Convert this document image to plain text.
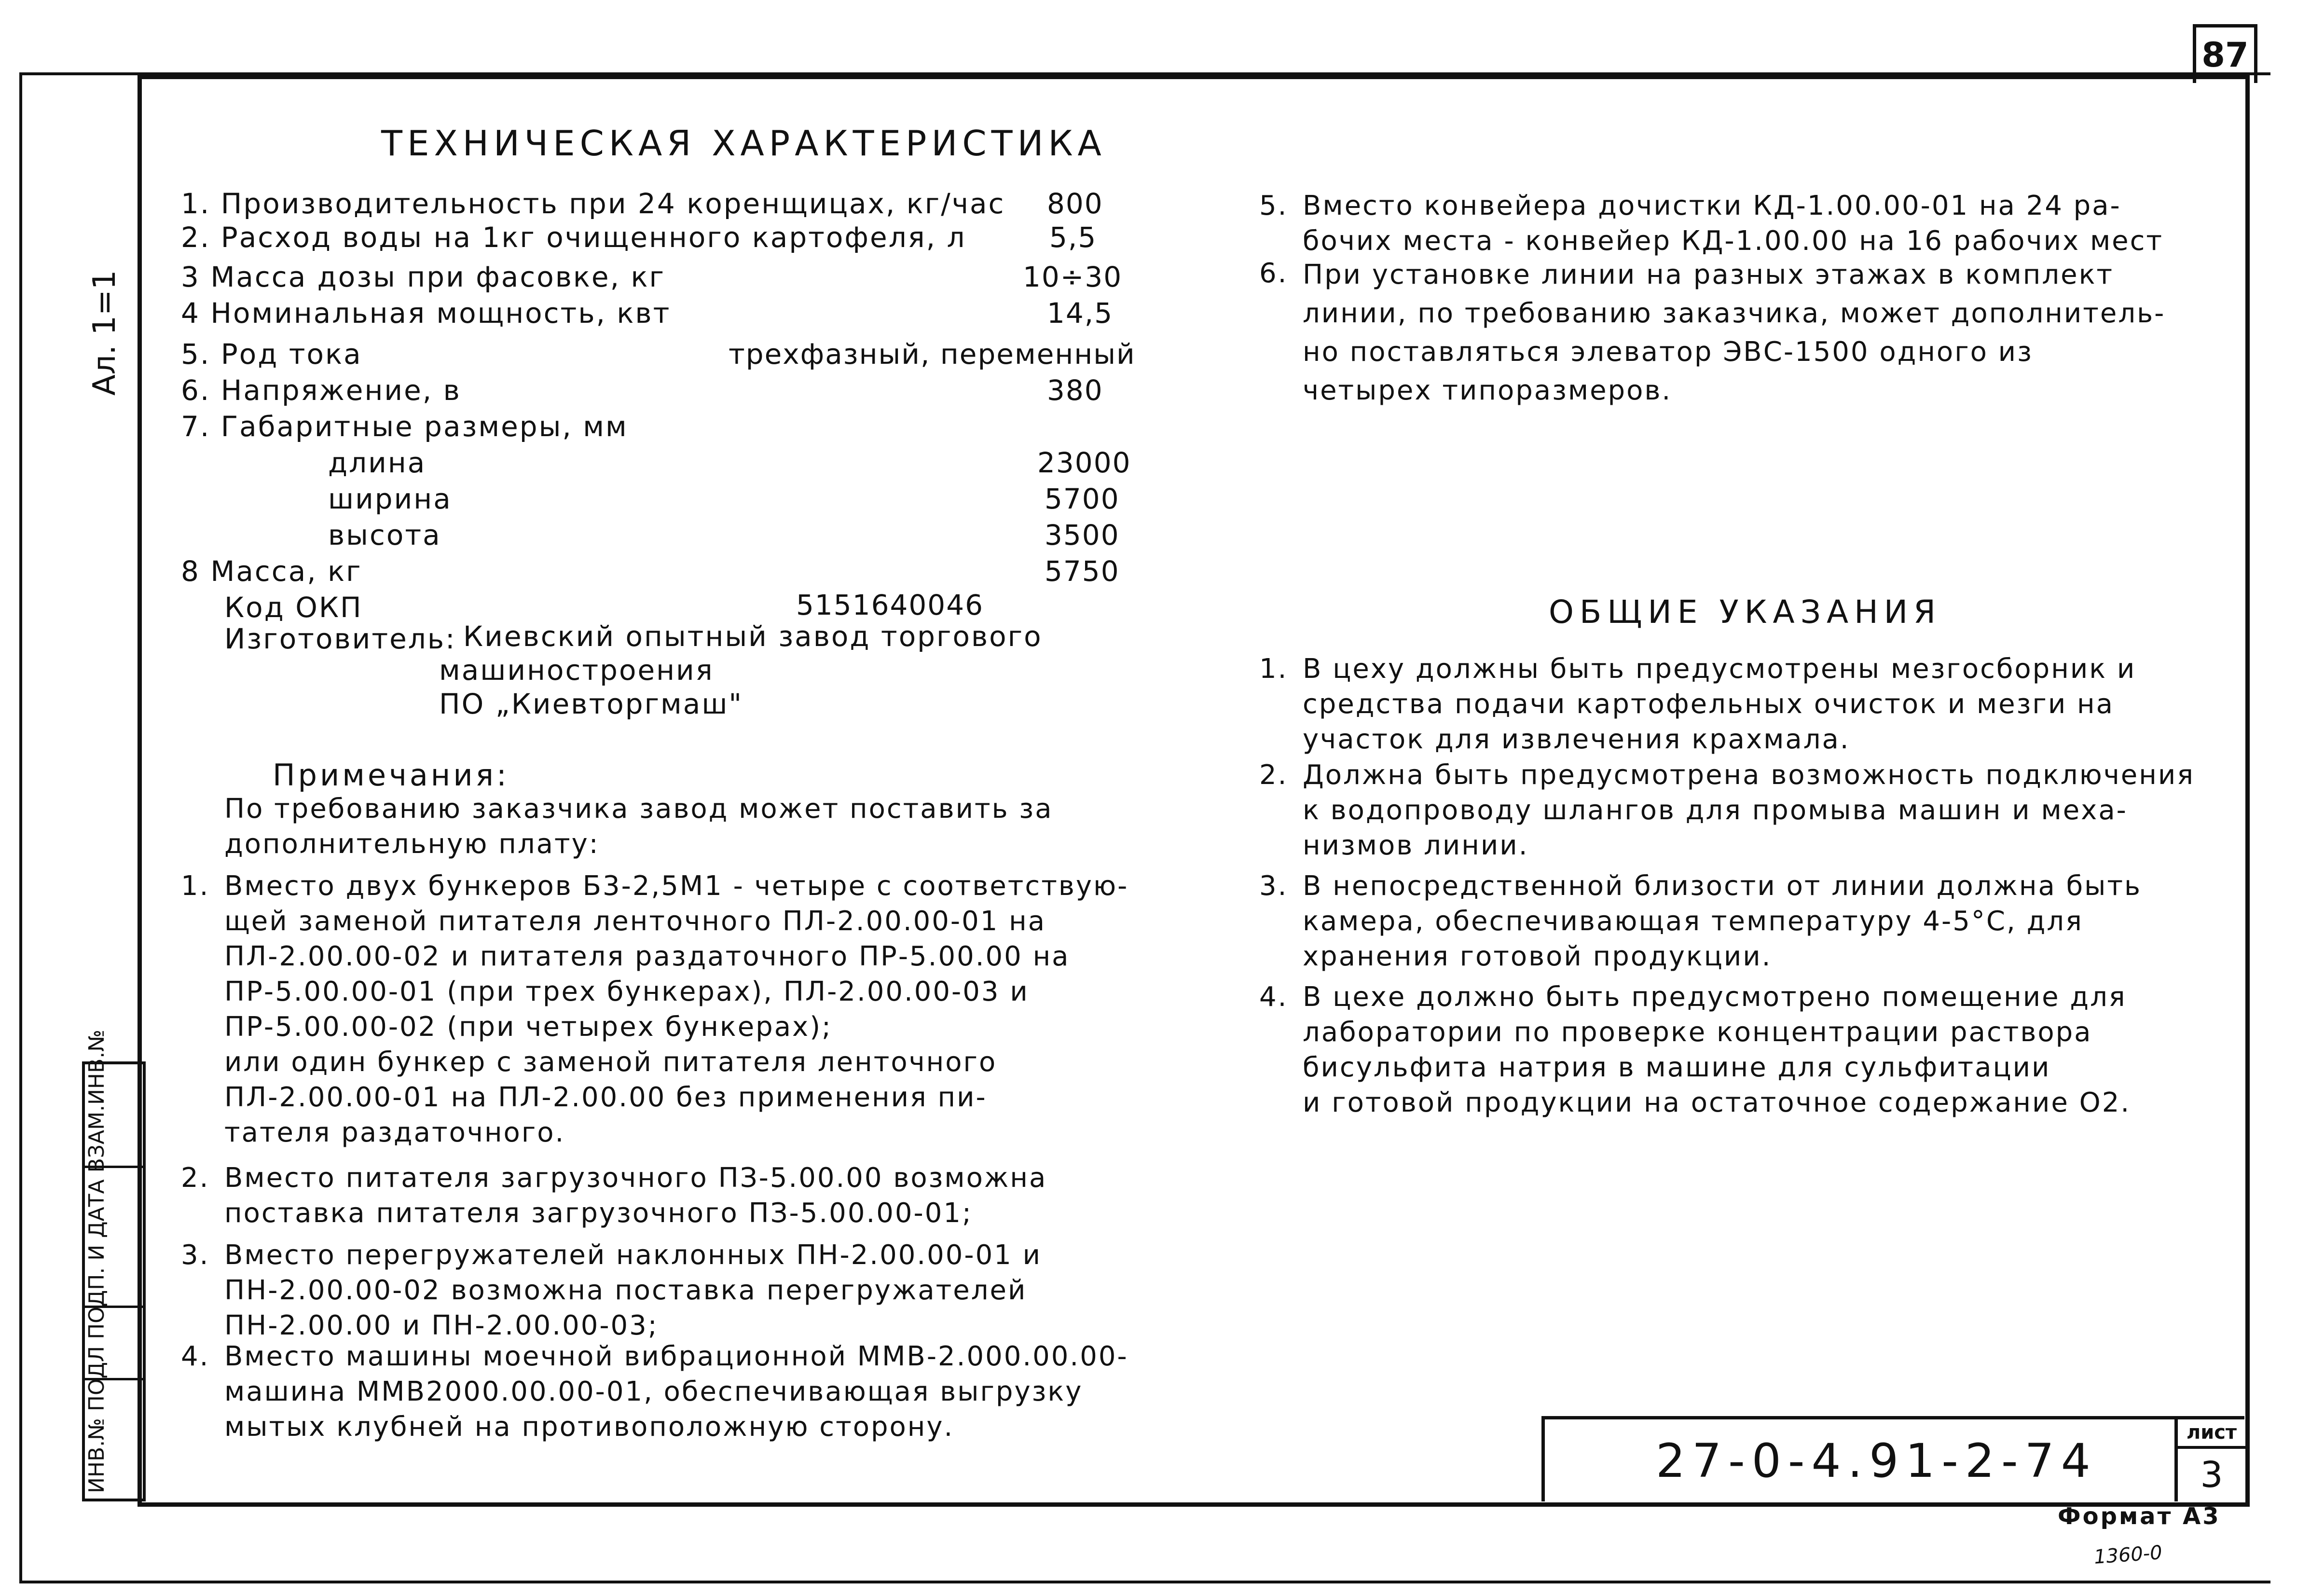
87
Ал. 1=1
ИНВ.№ ПОДЛ ПОДП. И ДАТА ВЗАМ.ИНВ.№
ТЕХНИЧЕСКАЯ ХАРАКТЕРИСТИКА
1. Производительность при 24 коренщицах, кг/час 800
2. Расход воды на 1кг очищенного картофеля, л	5,5
3 Масса дозы при фасовке, кг	10÷30
4 Номинальная мощность, квт	14,5
5. Род тока	трехфазный, переменный
6. Напряжение, в	380
7. Габаритные размеры, мм
длина	23000
ширина	5700
высота	3500
8 Масса, кг	5750
Код ОКП	5151640046
Изготовитель: Киевский опытный завод торгового
машиностроения
ПО „Киевторгмаш"
Примечания:
По требованию заказчика завод может поставить за
дополнительную плату:
1. Вместо двух бункеров Б3-2,5М1 - четыре с соответствую-
щей заменой питателя ленточного ПЛ-2.00.00-01 на
ПЛ-2.00.00-02 и питателя раздаточного ПР-5.00.00 на
ПР-5.00.00-01 (при трех бункерах), ПЛ-2.00.00-03 и
ПР-5.00.00-02 (при четырех бункерах);
или один бункер с заменой питателя ленточного
ПЛ-2.00.00-01 на ПЛ-2.00.00 без применения пи-
тателя раздаточного.
2. Вместо питателя загрузочного ПЗ-5.00.00 возможна
поставка питателя загрузочного ПЗ-5.00.00-01;
3. Вместо перегружателей наклонных ПН-2.00.00-01 и
ПН-2.00.00-02 возможна поставка перегружателей
ПН-2.00.00 и ПН-2.00.00-03;
4. Вместо машины моечной вибрационной ММВ-2.000.00.00-
машина ММВ2000.00.00-01, обеспечивающая выгрузку
мытых клубней на противоположную сторону.
5. Вместо конвейера дочистки КД-1.00.00-01 на 24 ра-
бочих места - конвейер КД-1.00.00 на 16 рабочих мест
6. При установке линии на разных этажах в комплект
линии, по требованию заказчика, может дополнитель-
но поставляться элеватор ЭВС-1500 одного из
четырех типоразмеров.
ОБЩИЕ УКАЗАНИЯ
1. В цеху должны быть предусмотрены мезгосборник и
средства подачи картофельных очисток и мезги на
участок для извлечения крахмала.
2. Должна быть предусмотрена возможность подключения
к водопроводу шлангов для промыва машин и меха-
низмов линии.
3. В непосредственной близости от линии должна быть
камера, обеспечивающая температуру 4-5°С, для
хранения готовой продукции.
4. В цехе должно быть предусмотрено помещение для
лаборатории по проверке концентрации раствора
бисульфита натрия в машине для сульфитации
и готовой продукции на остаточное содержание О2.
27-0-4.91-2-74
лист
3
Формат А3
1360-0
